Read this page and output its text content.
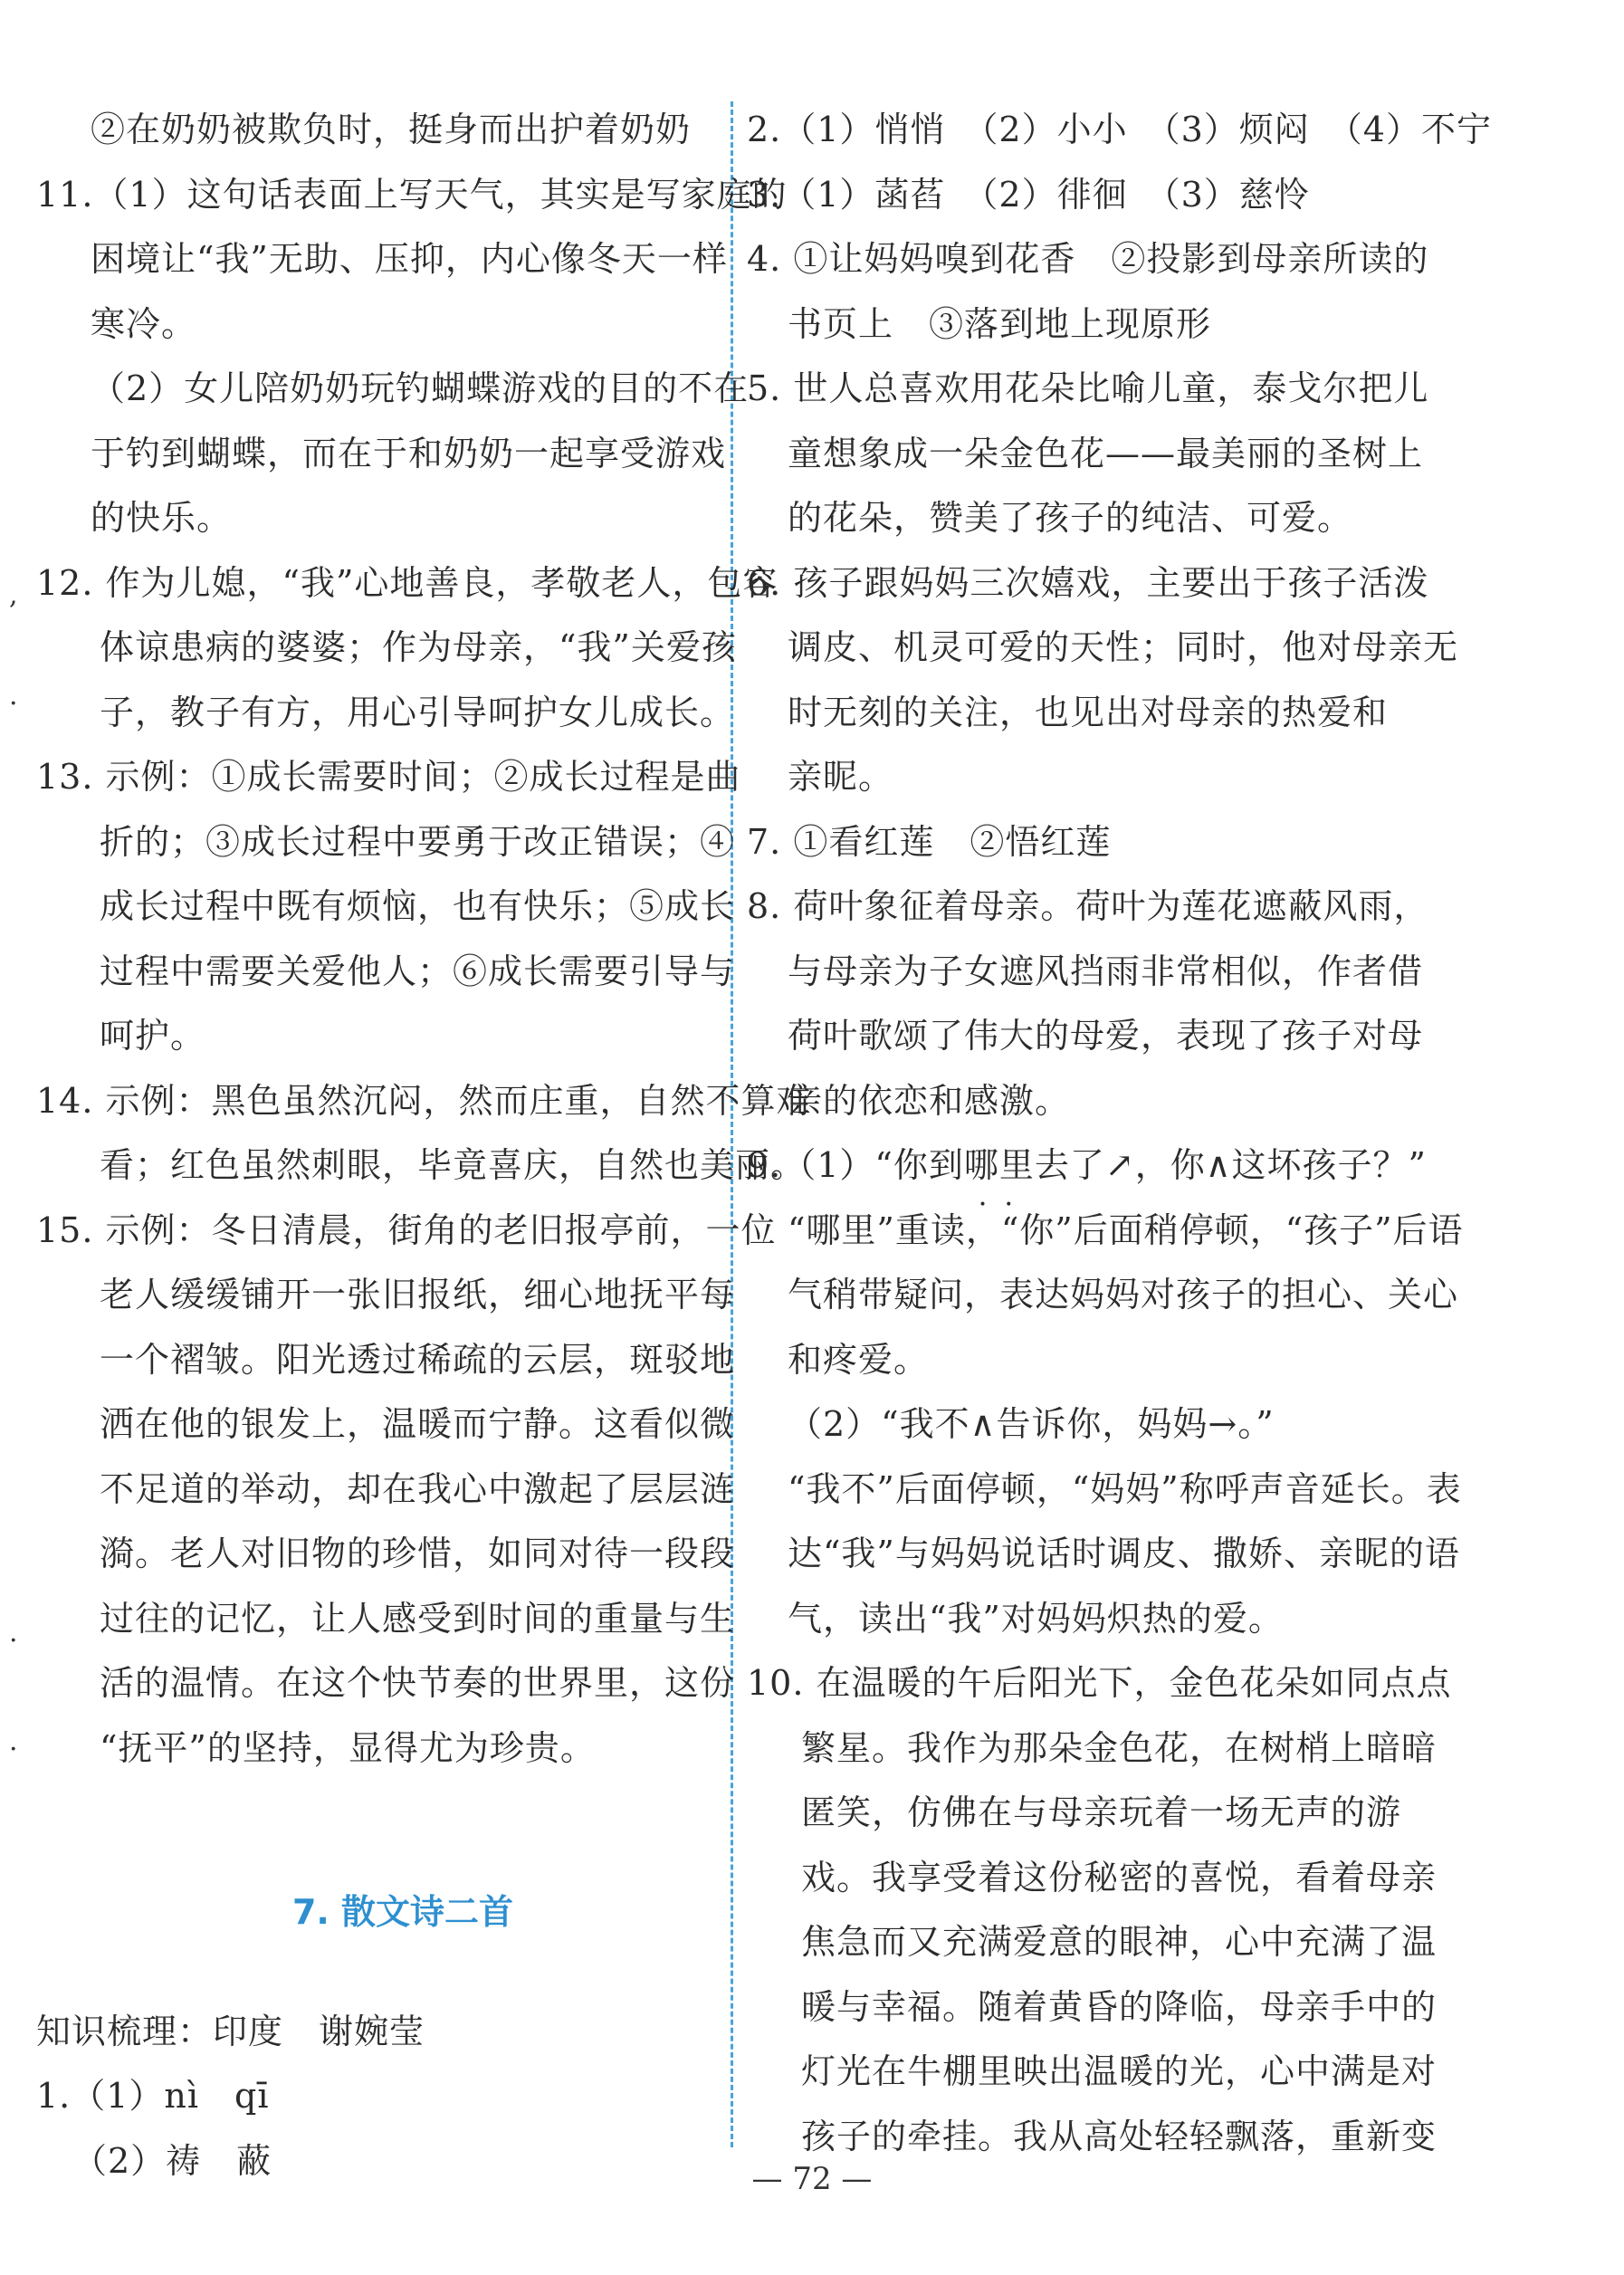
②在奶奶被欺负时，挺身而出护着奶奶
11.（1）这句话表面上写天气，其实是写家庭的
困境让“我”无助、压抑，内心像冬天一样
寒冷。
（2）女儿陪奶奶玩钓蝴蝶游戏的目的不在
于钓到蝴蝶，而在于和奶奶一起享受游戏
的快乐。
12. 作为儿媳，“我”心地善良，孝敬老人，包容
体谅患病的婆婆；作为母亲，“我”关爱孩
子，教子有方，用心引导呵护女儿成长。
13. 示例：①成长需要时间；②成长过程是曲
折的；③成长过程中要勇于改正错误；④
成长过程中既有烦恼，也有快乐；⑤成长
过程中需要关爱他人；⑥成长需要引导与
呵护。
14. 示例：黑色虽然沉闷，然而庄重，自然不算难
看；红色虽然刺眼，毕竟喜庆，自然也美丽。
15. 示例：冬日清晨，街角的老旧报亭前，一位
老人缓缓铺开一张旧报纸，细心地抚平每
一个褶皱。阳光透过稀疏的云层，斑驳地
洒在他的银发上，温暖而宁静。这看似微
不足道的举动，却在我心中激起了层层涟
漪。老人对旧物的珍惜，如同对待一段段
过往的记忆，让人感受到时间的重量与生
活的温情。在这个快节奏的世界里，这份
“抚平”的坚持，显得尤为珍贵。
7. 散文诗二首
知识梳理：印度　谢婉莹
1.（1）nì　qī
（2）祷　蔽
2.（1）悄悄　（2）小小　（3）烦闷　（4）不宁
3.（1）菡萏　（2）徘徊　（3）慈怜
4. ①让妈妈嗅到花香　②投影到母亲所读的
书页上　③落到地上现原形
5. 世人总喜欢用花朵比喻儿童，泰戈尔把儿
童想象成一朵金色花——最美丽的圣树上
的花朵，赞美了孩子的纯洁、可爱。
6. 孩子跟妈妈三次嬉戏，主要出于孩子活泼
调皮、机灵可爱的天性；同时，他对母亲无
时无刻的关注，也见出对母亲的热爱和
亲昵。
7. ①看红莲　②悟红莲
8. 荷叶象征着母亲。荷叶为莲花遮蔽风雨，
与母亲为子女遮风挡雨非常相似，作者借
荷叶歌颂了伟大的母爱，表现了孩子对母
亲的依恋和感激。
9.（1）“你到哪里 • •去了↗，你∧这坏孩子？”
“哪里”重读，“你”后面稍停顿，“孩子”后语
气稍带疑问，表达妈妈对孩子的担心、关心
和疼爱。
（2）“我不∧告诉你，妈妈→。”
“我不”后面停顿，“妈妈”称呼声音延长。表
达“我”与妈妈说话时调皮、撒娇、亲昵的语
气，读出“我”对妈妈炽热的爱。
10. 在温暖的午后阳光下，金色花朵如同点点
繁星。我作为那朵金色花，在树梢上暗暗
匿笑，仿佛在与母亲玩着一场无声的游
戏。我享受着这份秘密的喜悦，看着母亲
焦急而又充满爱意的眼神，心中充满了温
暖与幸福。随着黄昏的降临，母亲手中的
灯光在牛棚里映出温暖的光，心中满是对
孩子的牵挂。我从高处轻轻飘落，重新变
,
·
·
·
— 72 —
